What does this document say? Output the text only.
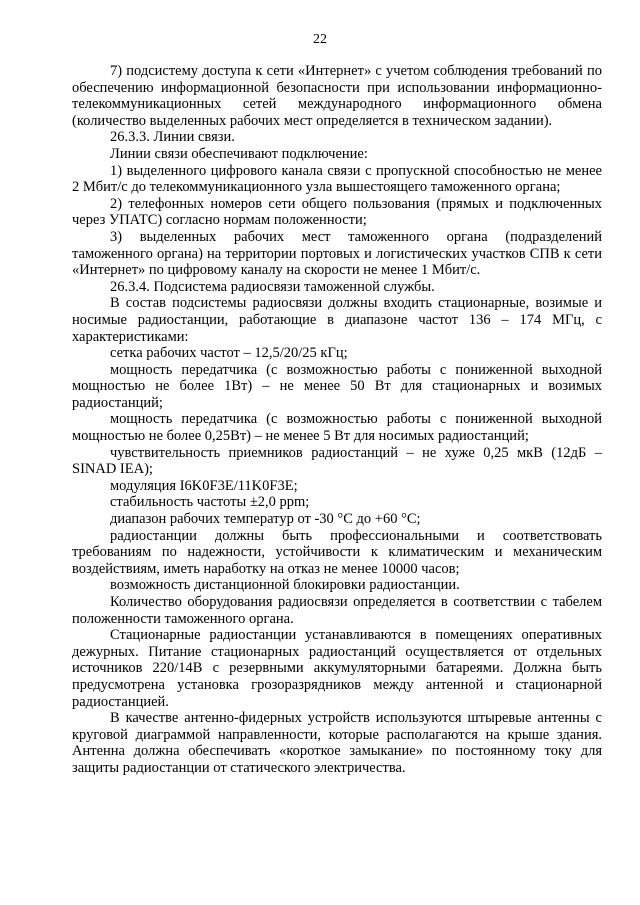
22

7) подсистему доступа к сети «Интернет» с учетом соблюдения требований по обеспечению информационной безопасности при использовании информационно-телекоммуникационных сетей международного информационного обмена (количество выделенных рабочих мест определяется в техническом задании).

26.3.3. Линии связи.

Линии связи обеспечивают подключение:

1) выделенного цифрового канала связи с пропускной способностью не менее 2 Мбит/с до телекоммуникационного узла вышестоящего таможенного органа;

2) телефонных номеров сети общего пользования (прямых и подключенных через УПАТС) согласно нормам положенности;

3) выделенных рабочих мест таможенного органа (подразделений таможенного органа) на территории портовых и логистических участков СПВ к сети «Интернет» по цифровому каналу на скорости не менее 1 Мбит/с.

26.3.4. Подсистема радиосвязи таможенной службы.

В состав подсистемы радиосвязи должны входить стационарные, возимые и носимые радиостанции, работающие в диапазоне частот 136 – 174 МГц, с характеристиками:

сетка рабочих частот – 12,5/20/25 кГц;

мощность передатчика (с возможностью работы с пониженной выходной мощностью не более 1Вт) – не менее 50 Вт для стационарных и возимых радиостанций;

мощность передатчика (с возможностью работы с пониженной выходной мощностью не более 0,25Вт) – не менее 5 Вт для носимых радиостанций;

чувствительность приемников радиостанций – не хуже 0,25 мкВ (12дБ – SINAD IEA);

модуляция I6K0F3E/11K0F3E;

стабильность частоты ±2,0 ppm;

диапазон рабочих температур от -30 °С до +60 °С;

радиостанции должны быть профессиональными и соответствовать требованиям по надежности, устойчивости к климатическим и механическим воздействиям, иметь наработку на отказ не менее 10000 часов;

возможность дистанционной блокировки радиостанции.

Количество оборудования радиосвязи определяется в соответствии с табелем положенности таможенного органа.

Стационарные радиостанции устанавливаются в помещениях оперативных дежурных. Питание стационарных радиостанций осуществляется от отдельных источников 220/14В с резервными аккумуляторными батареями. Должна быть предусмотрена установка грозоразрядников между антенной и стационарной радиостанцией.

В качестве антенно-фидерных устройств используются штыревые антенны с круговой диаграммой направленности, которые располагаются на крыше здания. Антенна должна обеспечивать «короткое замыкание» по постоянному току для защиты радиостанции от статического электричества.
